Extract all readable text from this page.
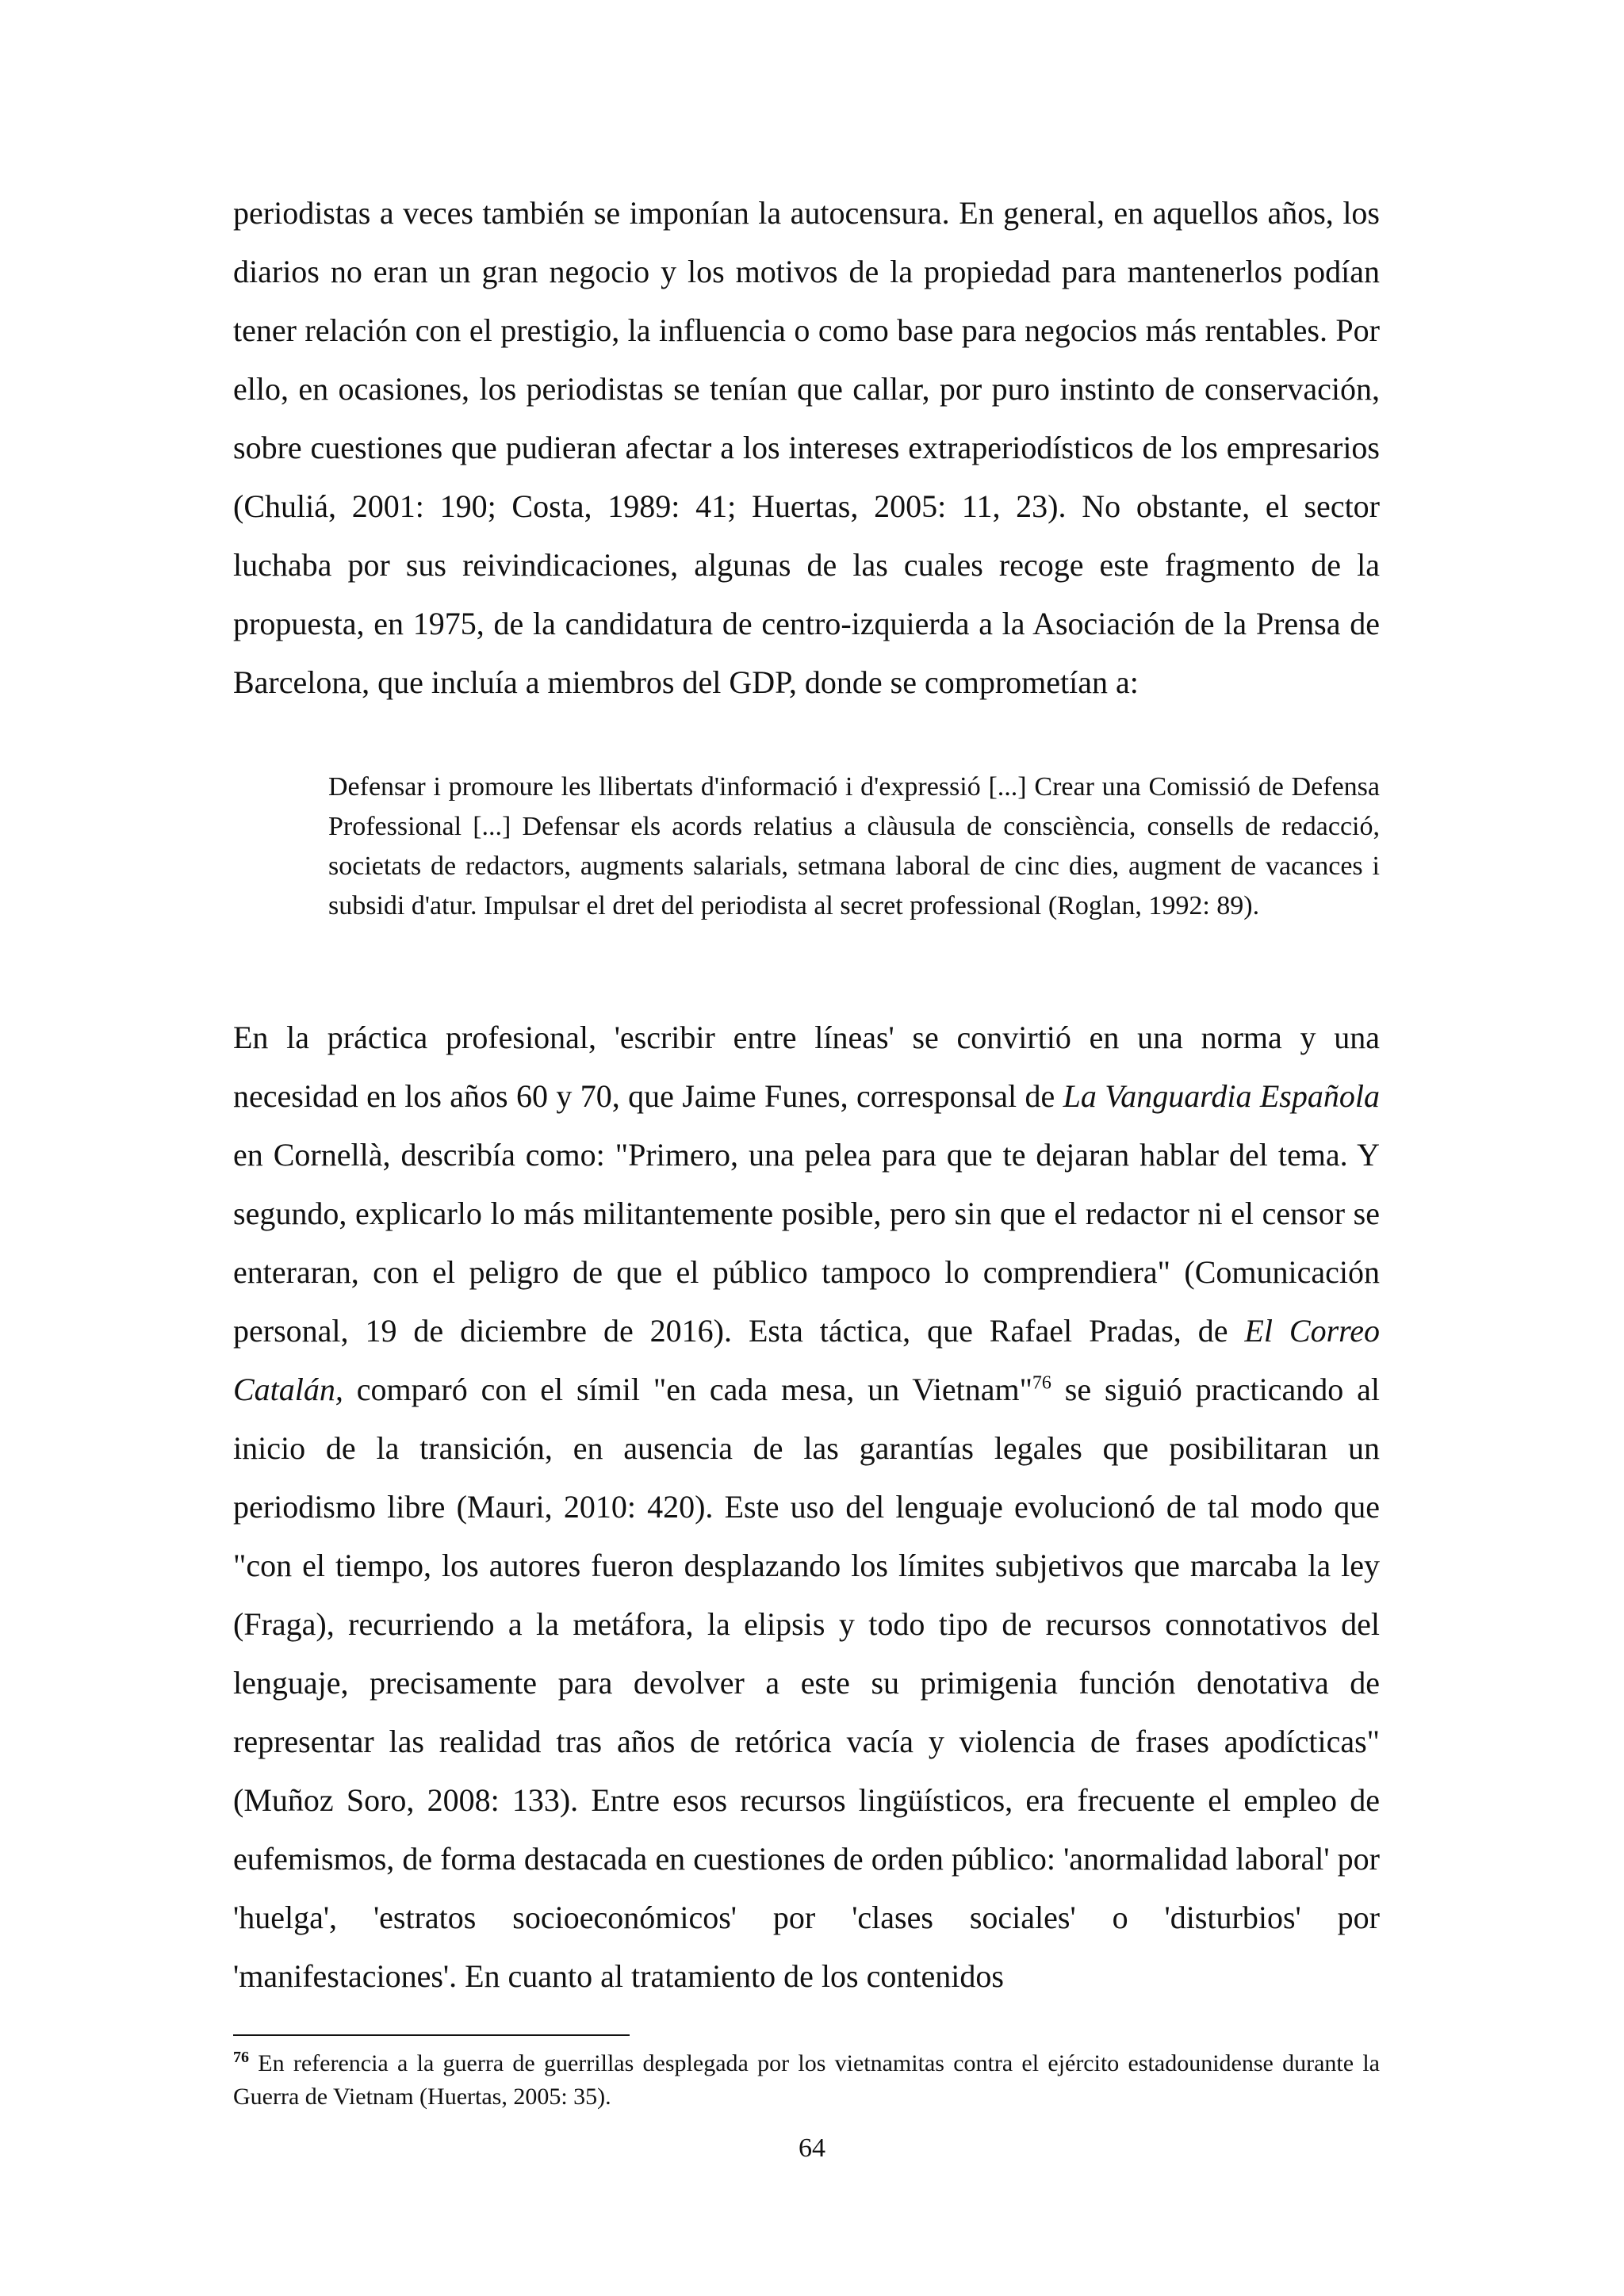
periodistas a veces también se imponían la autocensura. En general, en aquellos años, los diarios no eran un gran negocio y los motivos de la propiedad para mantenerlos podían tener relación con el prestigio, la influencia o como base para negocios más rentables. Por ello, en ocasiones, los periodistas se tenían que callar, por puro instinto de conservación, sobre cuestiones que pudieran afectar a los intereses extraperiodísticos de los empresarios (Chuliá, 2001: 190; Costa, 1989: 41; Huertas, 2005: 11, 23). No obstante, el sector luchaba por sus reivindicaciones, algunas de las cuales recoge este fragmento de la propuesta, en 1975, de la candidatura de centro-izquierda a la Asociación de la Prensa de Barcelona, que incluía a miembros del GDP, donde se comprometían a:

Defensar i promoure les llibertats d'informació i d'expressió [...] Crear una Comissió de Defensa Professional [...] Defensar els acords relatius a clàusula de consciència, consells de redacció, societats de redactors, augments salarials, setmana laboral de cinc dies, augment de vacances i subsidi d'atur. Impulsar el dret del periodista al secret professional (Roglan, 1992: 89).

En la práctica profesional, 'escribir entre líneas' se convirtió en una norma y una necesidad en los años 60 y 70, que Jaime Funes, corresponsal de La Vanguardia Española en Cornellà, describía como: "Primero, una pelea para que te dejaran hablar del tema. Y segundo, explicarlo lo más militantemente posible, pero sin que el redactor ni el censor se enteraran, con el peligro de que el público tampoco lo comprendiera" (Comunicación personal, 19 de diciembre de 2016). Esta táctica, que Rafael Pradas, de El Correo Catalán, comparó con el símil "en cada mesa, un Vietnam"$^{76}$ se siguió practicando al inicio de la transición, en ausencia de las garantías legales que posibilitaran un periodismo libre (Mauri, 2010: 420). Este uso del lenguaje evolucionó de tal modo que "con el tiempo, los autores fueron desplazando los límites subjetivos que marcaba la ley (Fraga), recurriendo a la metáfora, la elipsis y todo tipo de recursos connotativos del lenguaje, precisamente para devolver a este su primigenia función denotativa de representar las realidad tras años de retórica vacía y violencia de frases apodícticas" (Muñoz Soro, 2008: 133). Entre esos recursos lingüísticos, era frecuente el empleo de eufemismos, de forma destacada en cuestiones de orden público: 'anormalidad laboral' por 'huelga', 'estratos socioeconómicos' por 'clases sociales' o 'disturbios' por 'manifestaciones'. En cuanto al tratamiento de los contenidos

$^{76}$ En referencia a la guerra de guerrillas desplegada por los vietnamitas contra el ejército estadounidense durante la Guerra de Vietnam (Huertas, 2005: 35).

64
